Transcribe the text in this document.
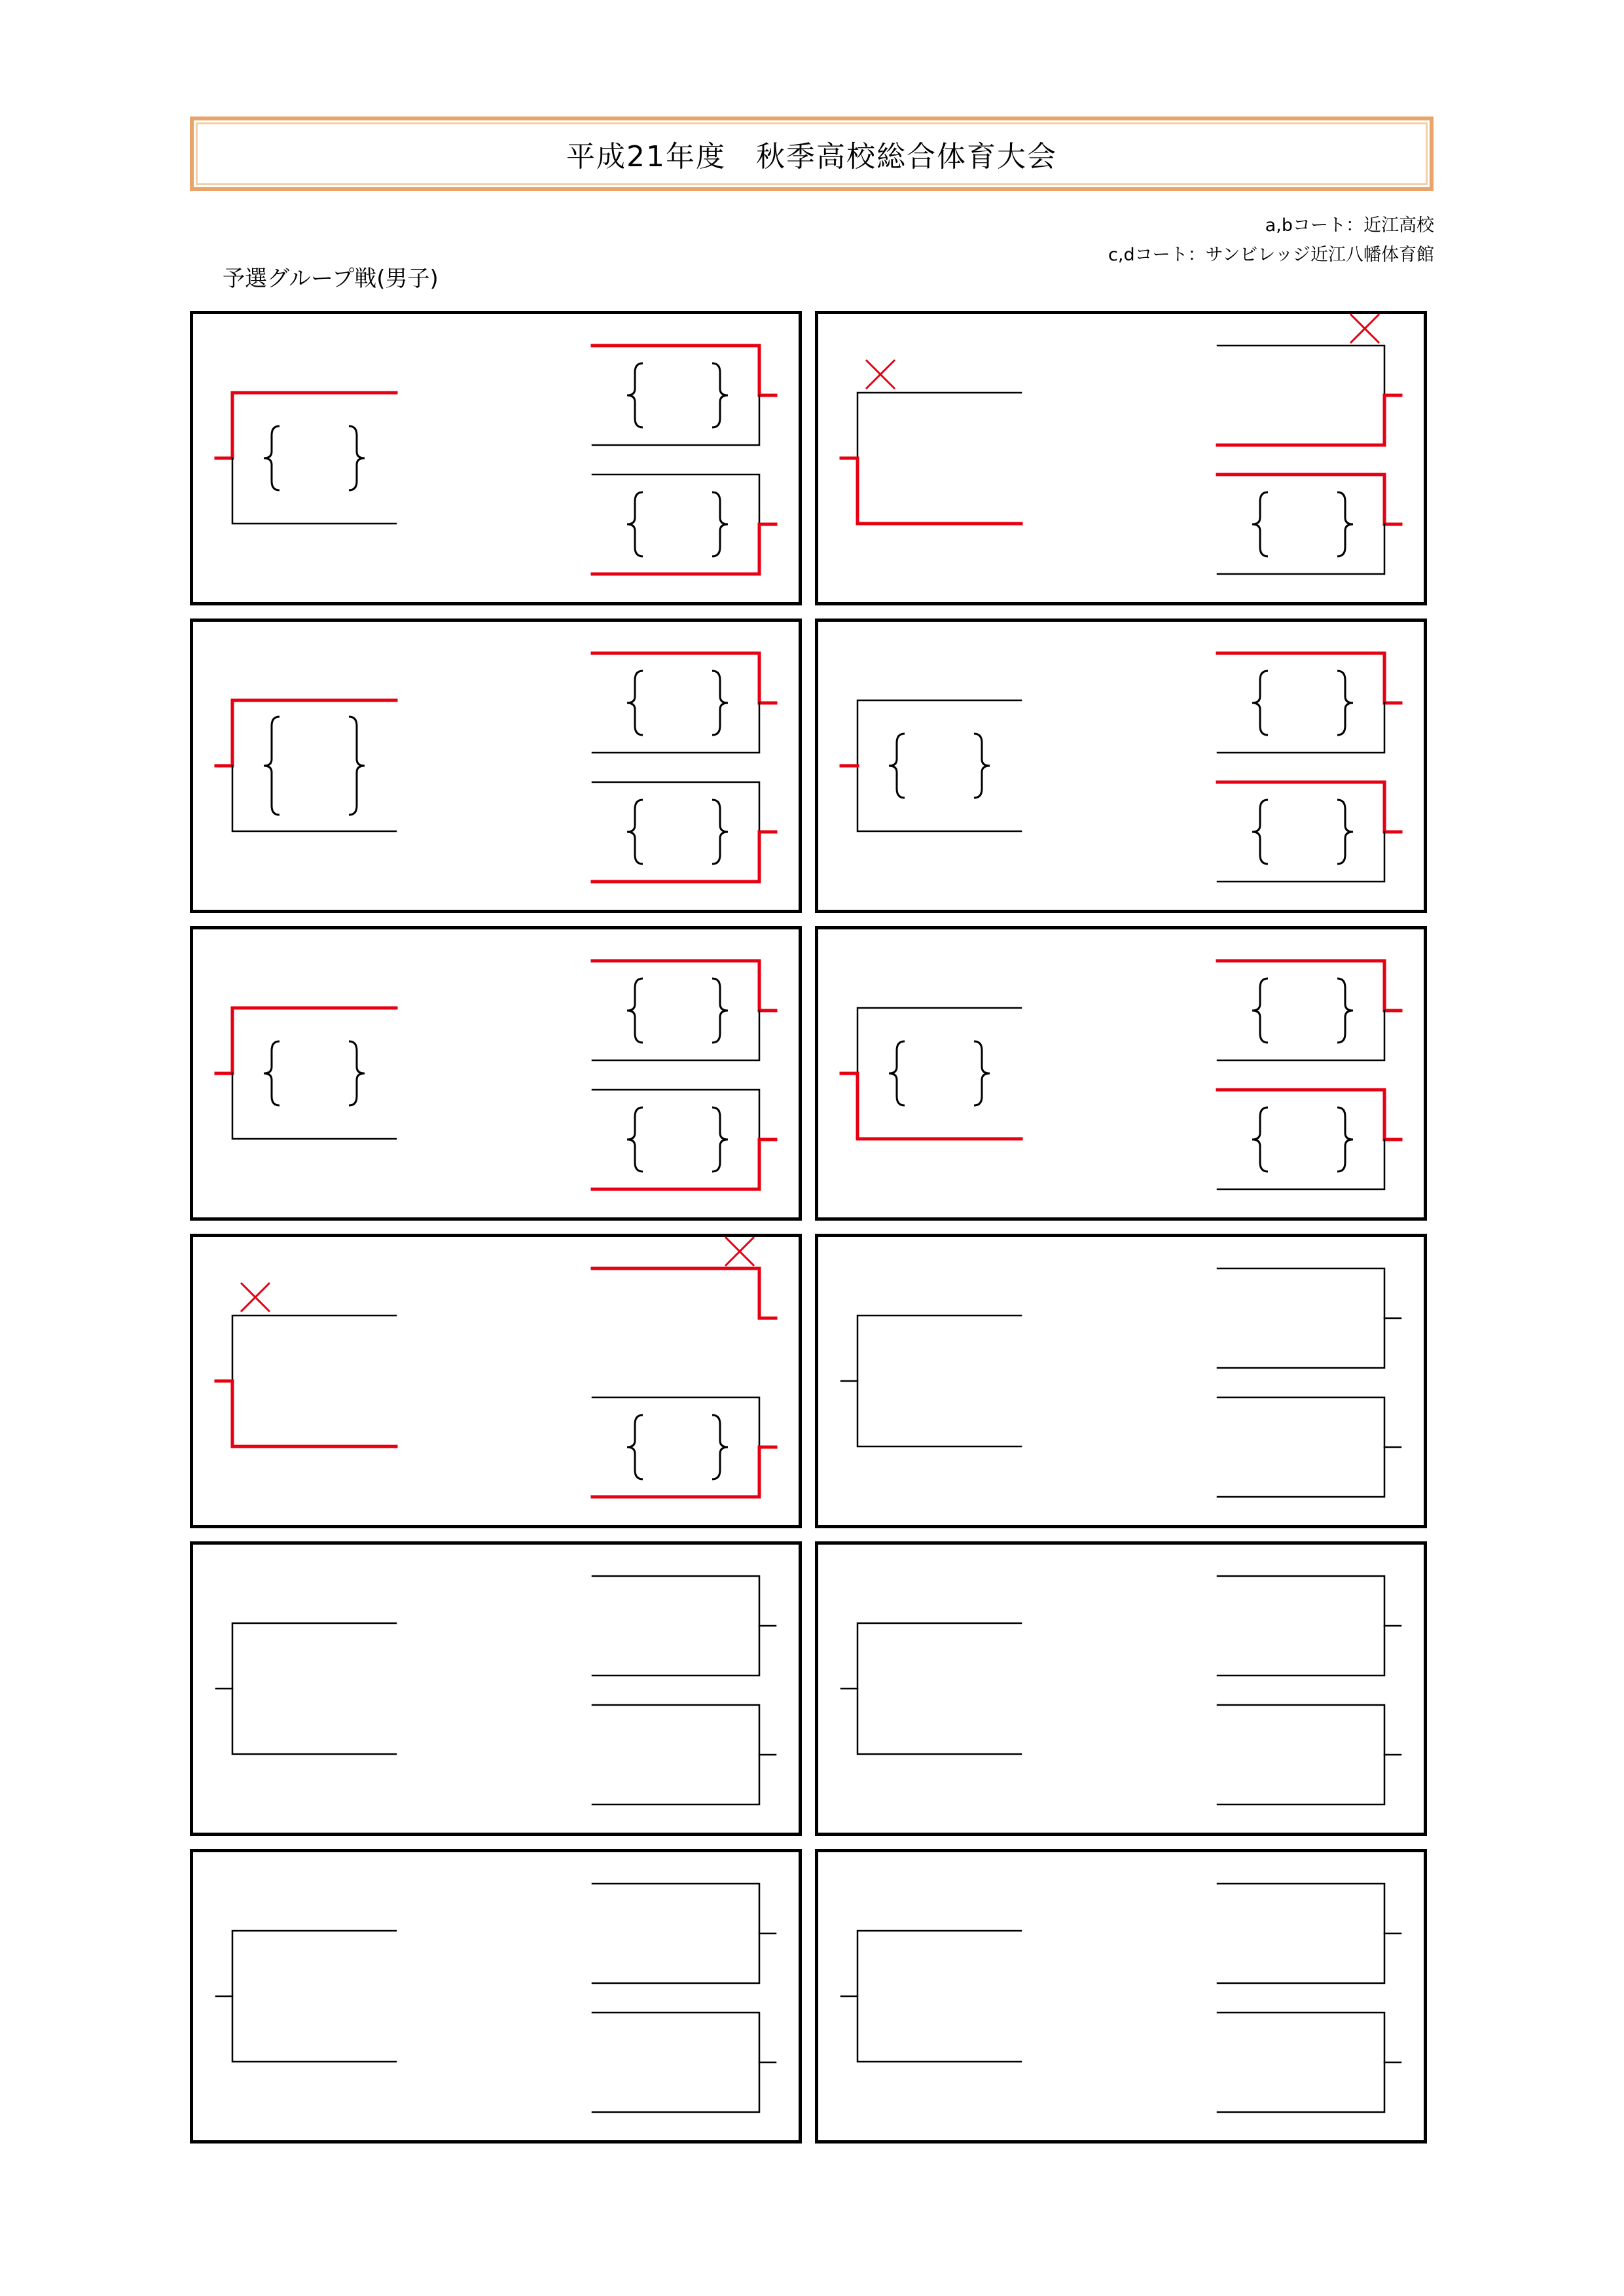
平成21年度　秋季高校総合体育大会
a,bコート：近江高校
c,dコート：サンビレッジ近江八幡体育館
予選グループ戦(男子)
